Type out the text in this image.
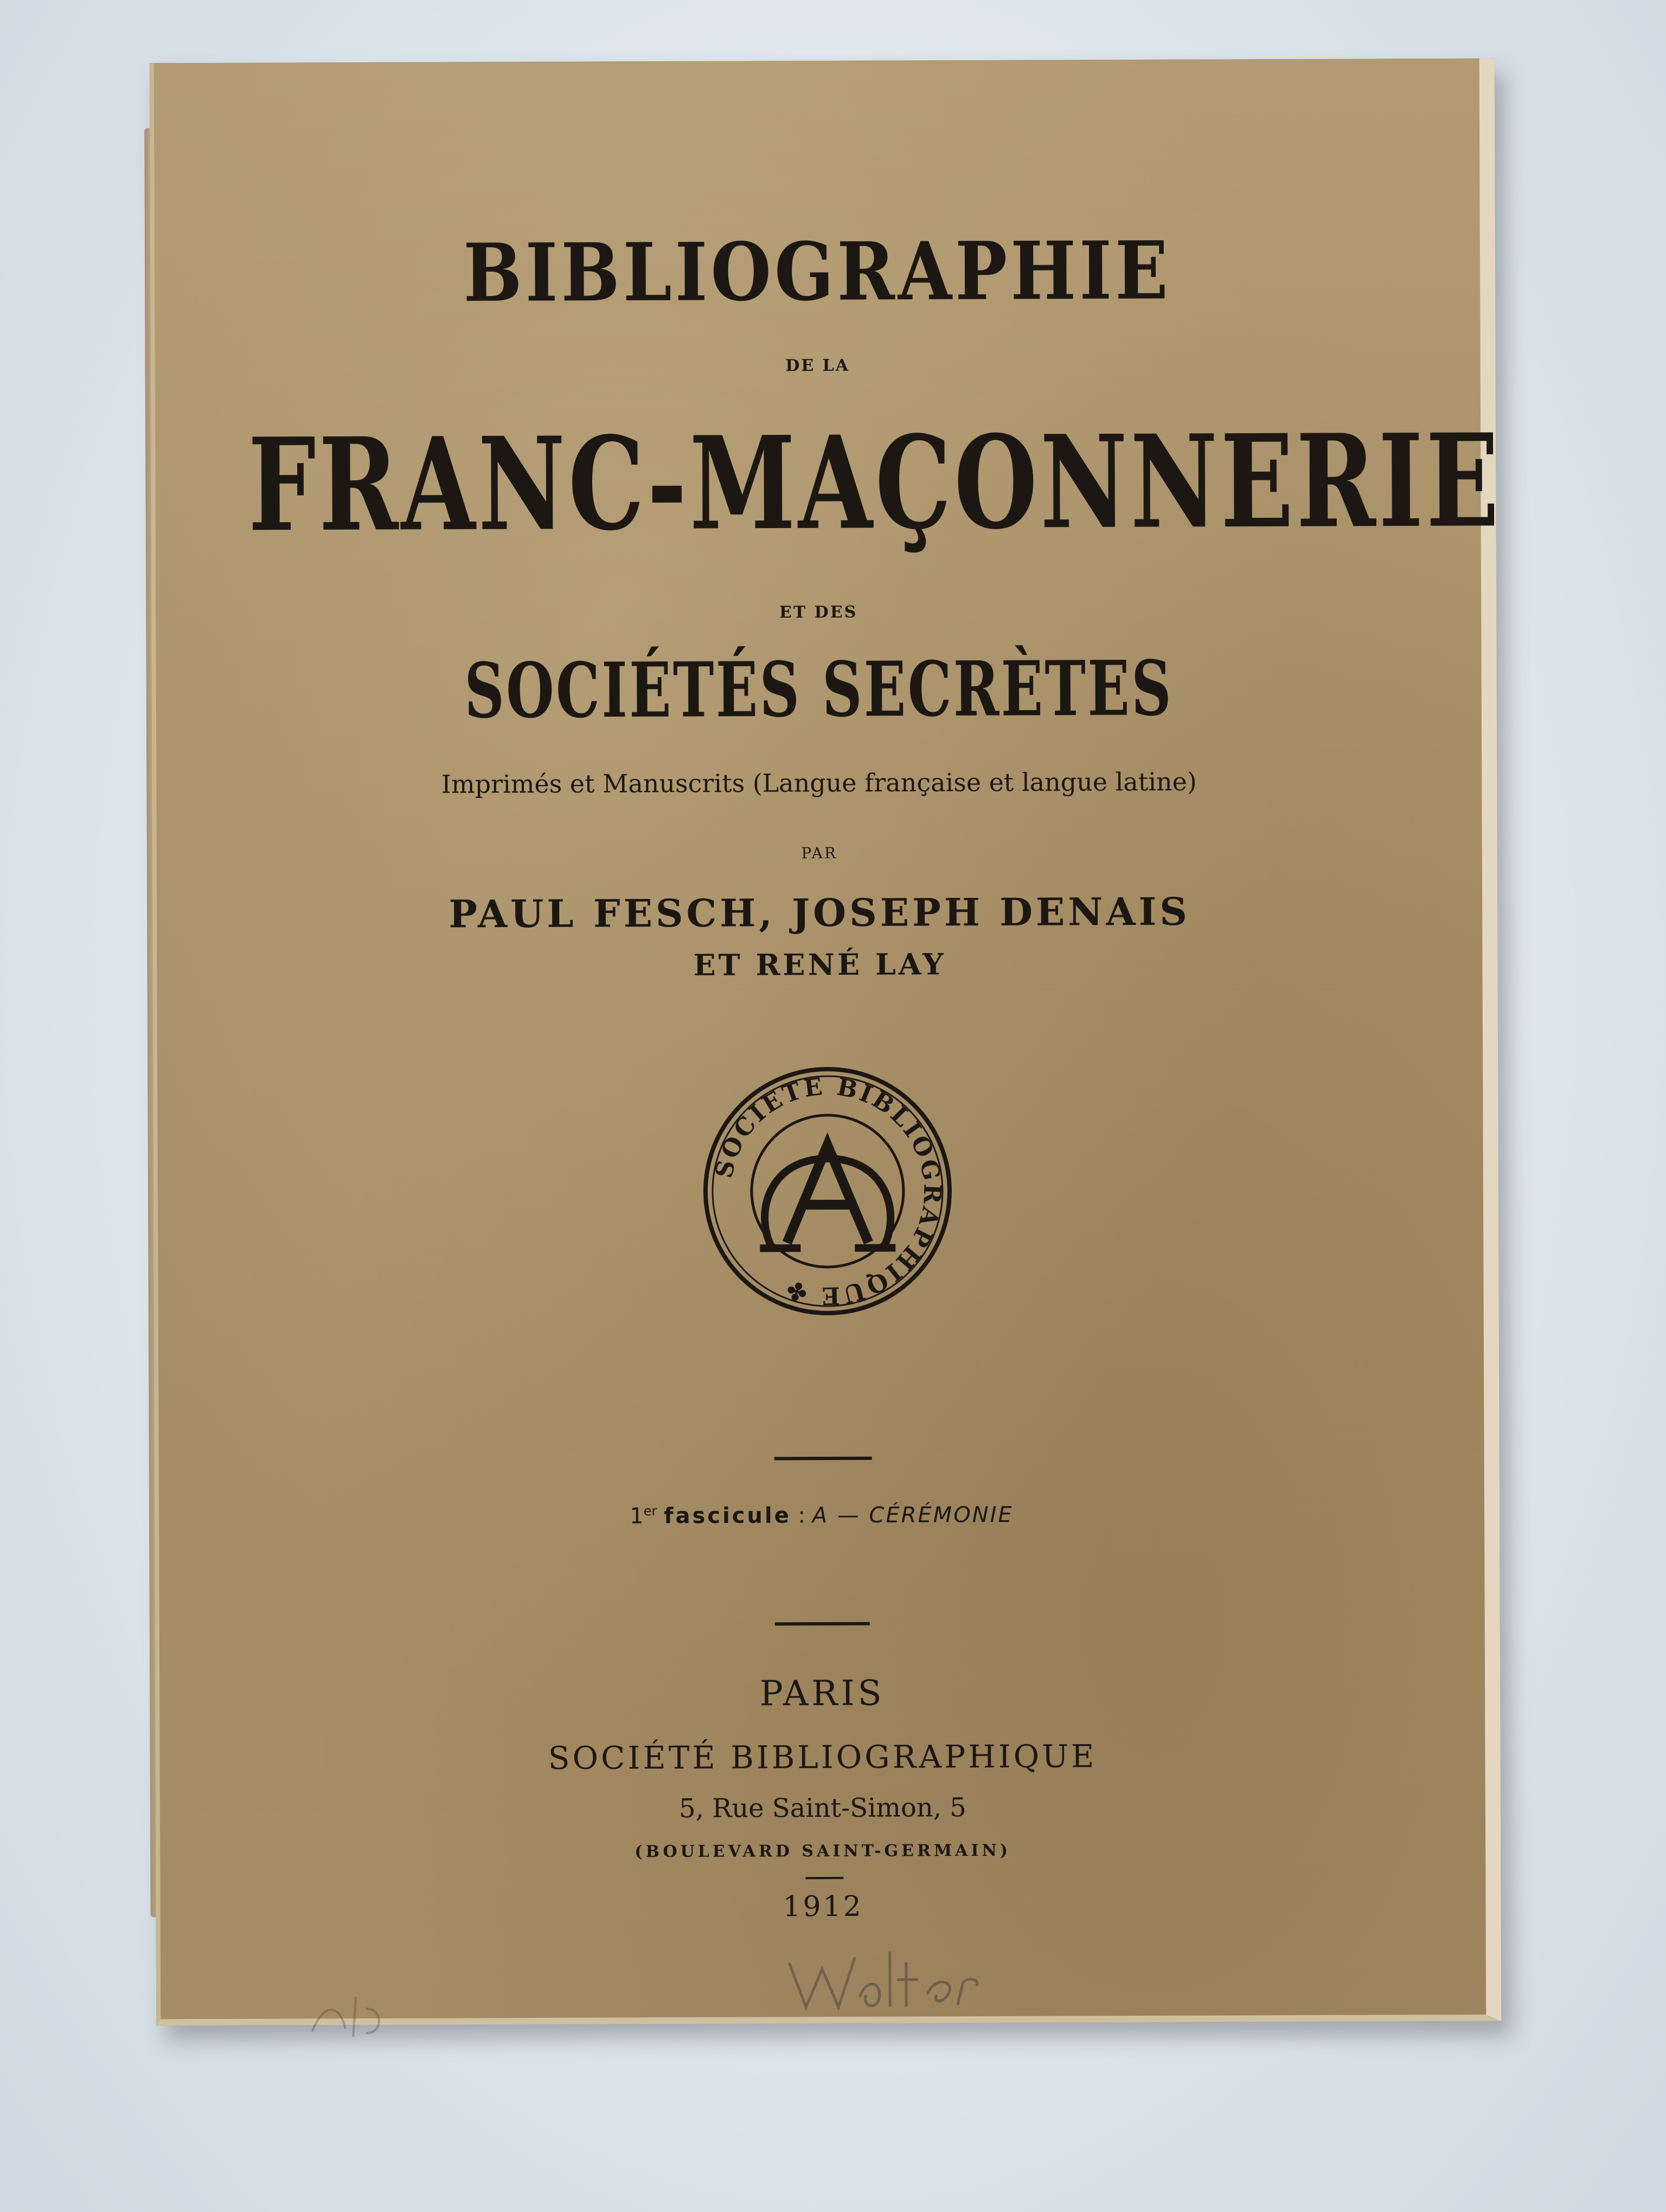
BIBLIOGRAPHIE
DE LA
FRANC-MAÇONNERIE
ET DES
SOCIÉTÉS SECRÈTES
Imprimés et Manuscrits (Langue française et langue latine)
PAR
PAUL FESCH, JOSEPH DENAIS
ET RENÉ LAY
SOCIETE BIBLIOGRAPHIQUE ✤
1er fascicule : A — CÉRÉMONIE
PARIS
SOCIÉTÉ BIBLIOGRAPHIQUE
5, Rue Saint-Simon, 5
(BOULEVARD SAINT-GERMAIN)
1912
